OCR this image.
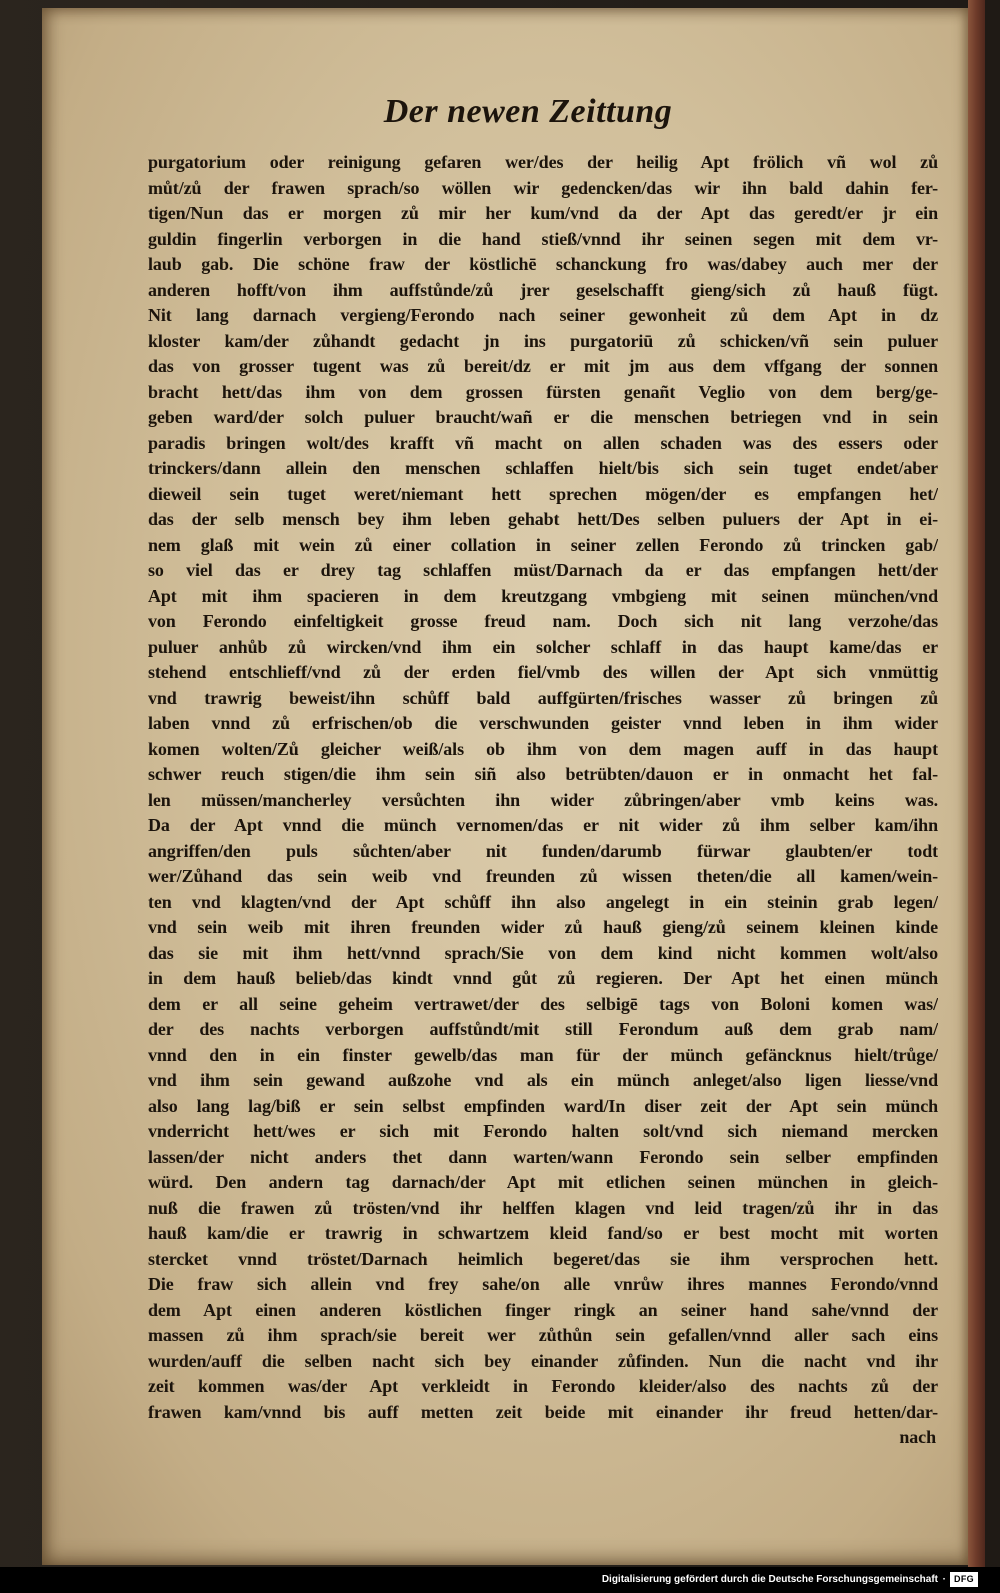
Der newen Zeittung
purgatorium oder reinigung gefaren wer/des der heilig Apt frölich vñ wol zů
můt/zů der frawen sprach/so wöllen wir gedencken/das wir ihn bald dahin fer-
tigen/Nun das er morgen zů mir her kum/vnd da der Apt das geredt/er jr ein
guldin fingerlin verborgen in die hand stieß/vnnd ihr seinen segen mit dem vr-
laub gab. Die schöne fraw der köstlichē schanckung fro was/dabey auch mer der
anderen hofft/von ihm auffstůnde/zů jrer geselschafft gieng/sich zů hauß fügt.
Nit lang darnach vergieng/Ferondo nach seiner gewonheit zů dem Apt in dz
kloster kam/der zůhandt gedacht jn ins purgatoriū zů schicken/vñ sein puluer
das von grosser tugent was zů bereit/dz er mit jm aus dem vffgang der sonnen
bracht hett/das ihm von dem grossen fürsten genañt Veglio von dem berg/ge-
geben ward/der solch puluer braucht/wañ er die menschen betriegen vnd in sein
paradis bringen wolt/des krafft vñ macht on allen schaden was des essers oder
trinckers/dann allein den menschen schlaffen hielt/bis sich sein tuget endet/aber
dieweil sein tuget weret/niemant hett sprechen mögen/der es empfangen het/
das der selb mensch bey ihm leben gehabt hett/Des selben puluers der Apt in ei-
nem glaß mit wein zů einer collation in seiner zellen Ferondo zů trincken gab/
so viel das er drey tag schlaffen müst/Darnach da er das empfangen hett/der
Apt mit ihm spacieren in dem kreutzgang vmbgieng mit seinen münchen/vnd
von Ferondo einfeltigkeit grosse freud nam. Doch sich nit lang verzohe/das
puluer anhůb zů wircken/vnd ihm ein solcher schlaff in das haupt kame/das er
stehend entschlieff/vnd zů der erden fiel/vmb des willen der Apt sich vnmüttig
vnd trawrig beweist/ihn schůff bald auffgürten/frisches wasser zů bringen zů
laben vnnd zů erfrischen/ob die verschwunden geister vnnd leben in ihm wider
komen wolten/Zů gleicher weiß/als ob ihm von dem magen auff in das haupt
schwer reuch stigen/die ihm sein siñ also betrübten/dauon er in onmacht het fal-
len müssen/mancherley versůchten ihn wider zůbringen/aber vmb keins was.
Da der Apt vnnd die münch vernomen/das er nit wider zů ihm selber kam/ihn
angriffen/den puls sůchten/aber nit funden/darumb fürwar glaubten/er todt
wer/Zůhand das sein weib vnd freunden zů wissen theten/die all kamen/wein-
ten vnd klagten/vnd der Apt schůff ihn also angelegt in ein steinin grab legen/
vnd sein weib mit ihren freunden wider zů hauß gieng/zů seinem kleinen kinde
das sie mit ihm hett/vnnd sprach/Sie von dem kind nicht kommen wolt/also
in dem hauß belieb/das kindt vnnd gůt zů regieren. Der Apt het einen münch
dem er all seine geheim vertrawet/der des selbigē tags von Boloni komen was/
der des nachts verborgen auffstůndt/mit still Ferondum auß dem grab nam/
vnnd den in ein finster gewelb/das man für der münch gefäncknus hielt/trůge/
vnd ihm sein gewand außzohe vnd als ein münch anleget/also ligen liesse/vnd
also lang lag/biß er sein selbst empfinden ward/In diser zeit der Apt sein münch
vnderricht hett/wes er sich mit Ferondo halten solt/vnd sich niemand mercken
lassen/der nicht anders thet dann warten/wann Ferondo sein selber empfinden
würd. Den andern tag darnach/der Apt mit etlichen seinen münchen in gleich-
nuß die frawen zů trösten/vnd ihr helffen klagen vnd leid tragen/zů ihr in das
hauß kam/die er trawrig in schwartzem kleid fand/so er best mocht mit worten
stercket vnnd tröstet/Darnach heimlich begeret/das sie ihm versprochen hett.
Die fraw sich allein vnd frey sahe/on alle vnrůw ihres mannes Ferondo/vnnd
dem Apt einen anderen köstlichen finger ringk an seiner hand sahe/vnnd der
massen zů ihm sprach/sie bereit wer zůthůn sein gefallen/vnnd aller sach eins
wurden/auff die selben nacht sich bey einander zůfinden. Nun die nacht vnd ihr
zeit kommen was/der Apt verkleidt in Ferondo kleider/also des nachts zů der
frawen kam/vnnd bis auff metten zeit beide mit einander ihr freud hetten/dar-
nach
Digitalisierung gefördert durch die Deutsche Forschungsgemeinschaft · DFG
